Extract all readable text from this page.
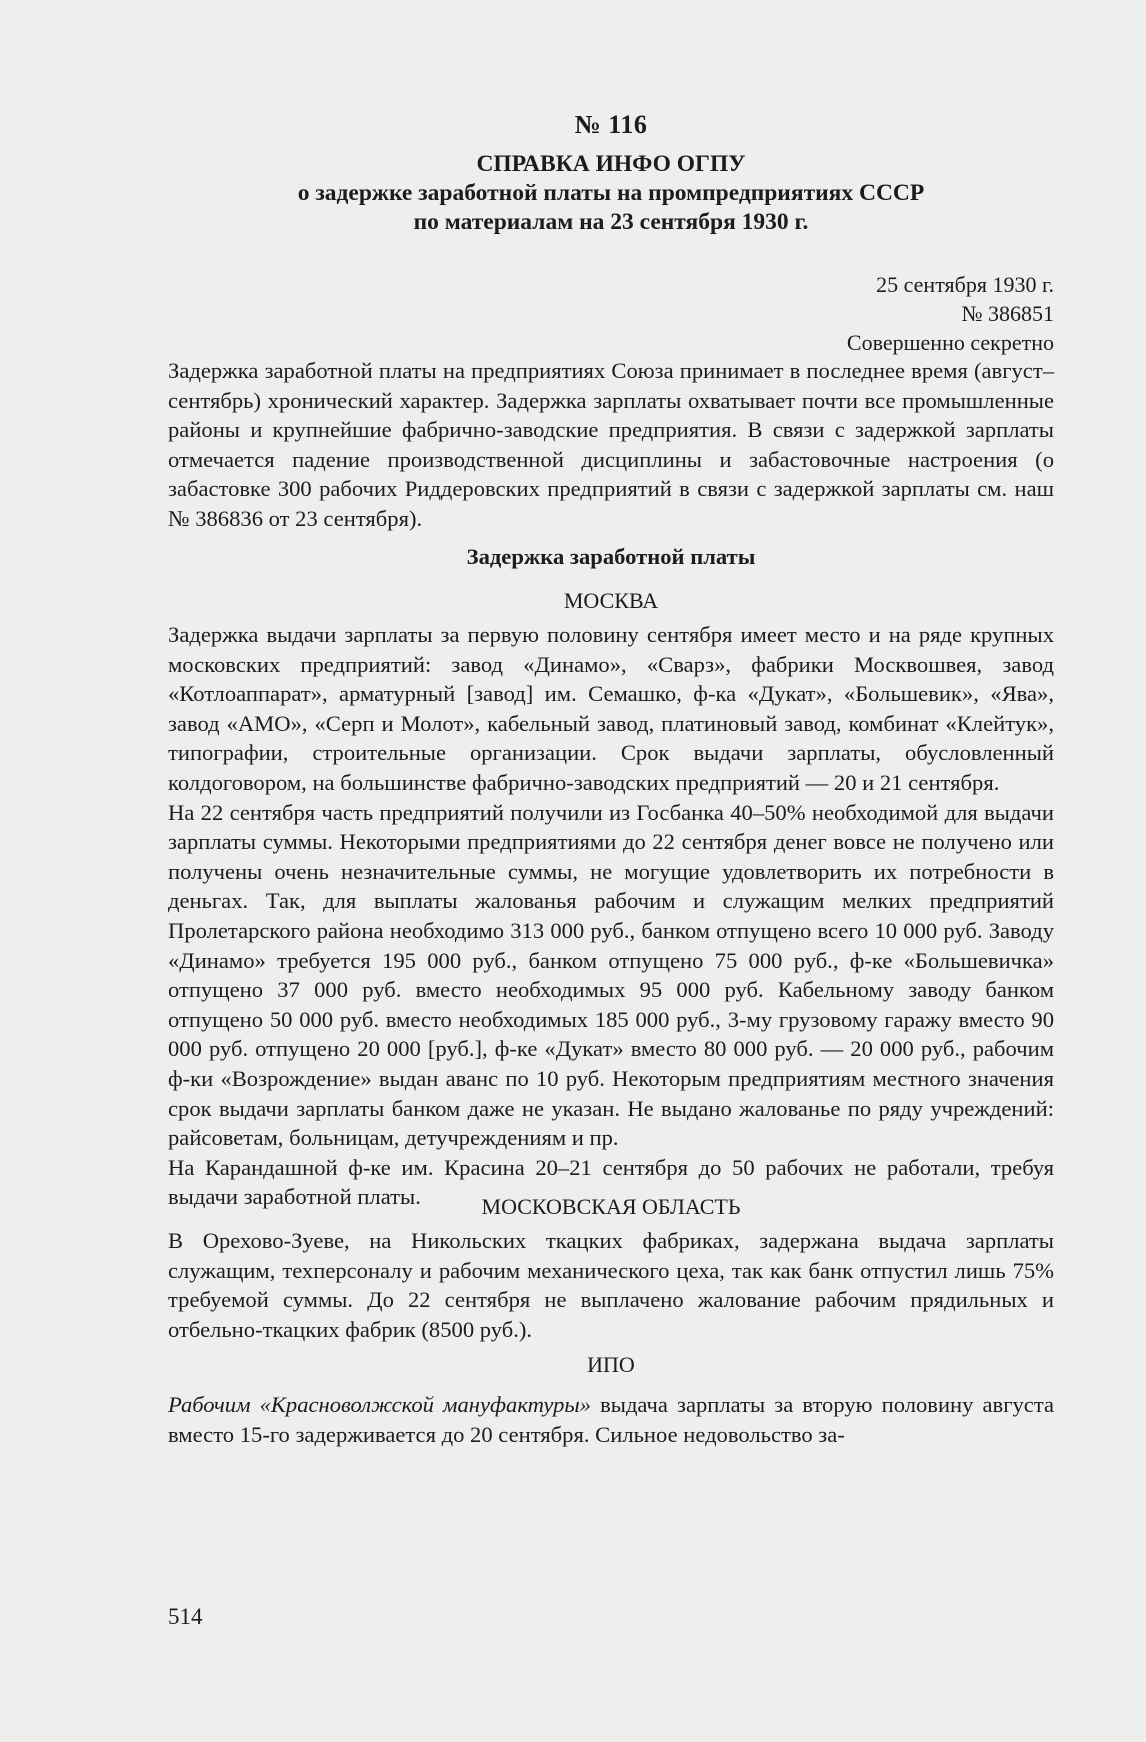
№ 116
СПРАВКА ИНФО ОГПУ
о задержке заработной платы на промпредприятиях СССР
по материалам на 23 сентября 1930 г.
25 сентября 1930 г.
№ 386851
Совершенно секретно

Задержка заработной платы на предприятиях Союза принимает в последнее время (август–сентябрь) хронический характер. Задержка зарплаты охватывает почти все промышленные районы и крупнейшие фабрично-заводские предприятия. В связи с задержкой зарплаты отмечается падение производственной дисциплины и забастовочные настроения (о забастовке 300 рабочих Риддеровских предприятий в связи с задержкой зарплаты см. наш № 386836 от 23 сентября).

Задержка заработной платы
МОСКВА

Задержка выдачи зарплаты за первую половину сентября имеет место и на ряде крупных московских предприятий: завод «Динамо», «Сварз», фабрики Москвошвея, завод «Котлоаппарат», арматурный [завод] им. Семашко, ф-ка «Дукат», «Большевик», «Ява», завод «АМО», «Серп и Молот», кабельный завод, платиновый завод, комбинат «Клейтук», типографии, строительные организации. Срок выдачи зарплаты, обусловленный колдоговором, на большинстве фабрично-заводских предприятий — 20 и 21 сентября.

На 22 сентября часть предприятий получили из Госбанка 40–50% необходимой для выдачи зарплаты суммы. Некоторыми предприятиями до 22 сентября денег вовсе не получено или получены очень незначительные суммы, не могущие удовлетворить их потребности в деньгах. Так, для выплаты жалованья рабочим и служащим мелких предприятий Пролетарского района необходимо 313 000 руб., банком отпущено всего 10 000 руб. Заводу «Динамо» требуется 195 000 руб., банком отпущено 75 000 руб., ф-ке «Большевичка» отпущено 37 000 руб. вместо необходимых 95 000 руб. Кабельному заводу банком отпущено 50 000 руб. вместо необходимых 185 000 руб., 3-му грузовому гаражу вместо 90 000 руб. отпущено 20 000 [руб.], ф-ке «Дукат» вместо 80 000 руб. — 20 000 руб., рабочим ф-ки «Возрождение» выдан аванс по 10 руб. Некоторым предприятиям местного значения срок выдачи зарплаты банком даже не указан. Не выдано жалованье по ряду учреждений: райсоветам, больницам, детучреждениям и пр.

На Карандашной ф-ке им. Красина 20–21 сентября до 50 рабочих не работали, требуя выдачи заработной платы.	МОСКОВСКАЯ ОБЛАСТЬ

В Орехово-Зуеве, на Никольских ткацких фабриках, задержана выдача зарплаты служащим, техперсоналу и рабочим механического цеха, так как банк отпустил лишь 75% требуемой суммы. До 22 сентября не выплачено жалование рабочим прядильных и отбельно-ткацких фабрик (8500 руб.).

ИПО

Рабочим «Красноволжской мануфактуры» выдача зарплаты за вторую половину августа вместо 15-го задерживается до 20 сентября. Сильное недовольство за-

514
